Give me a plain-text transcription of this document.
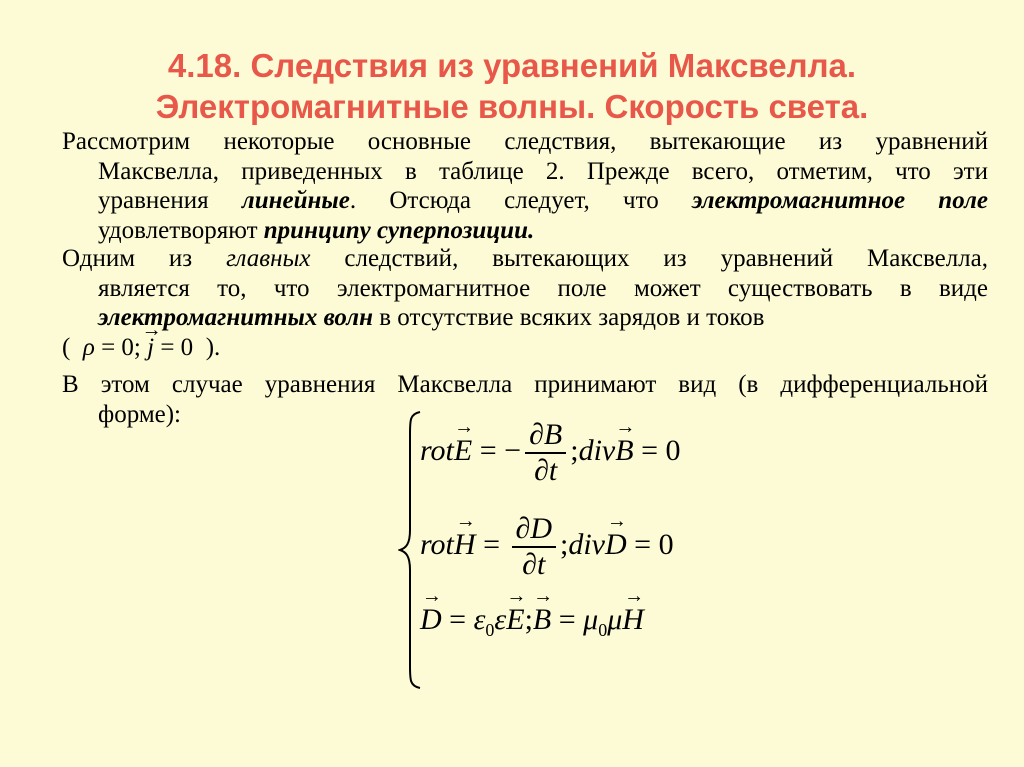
4.18. Следствия из уравнений Максвелла.
Электромагнитные волны. Скорость света.
Рассмотрим некоторые основные следствия, вытекающие из уравнений
Максвелла, приведенных в таблице 2. Прежде всего, отметим, что эти
уравнения линейные. Отсюда следует, что электромагнитное поле
удовлетворяют принципу суперпозиции.
Одним из главных следствий, вытекающих из уравнений Максвелла,
является то, что электромагнитное поле может существовать в виде
электромагнитных волн в отсутствие всяких зарядов и токов
( ρ = 0; → j = 0 ).
В этом случае уравнения Максвелла принимают вид (в дифференциальной
форме):
rot→ E = − $\frac{\partial B}{\partial t}$ ;div→ B = 0
$rot\to H = \frac{\partial D}{\partial t}$ ;div→ D = 0
→ $D = \varepsilon_0\varepsilon\to$ E;→ $B = \mu_0\mu\to H$
